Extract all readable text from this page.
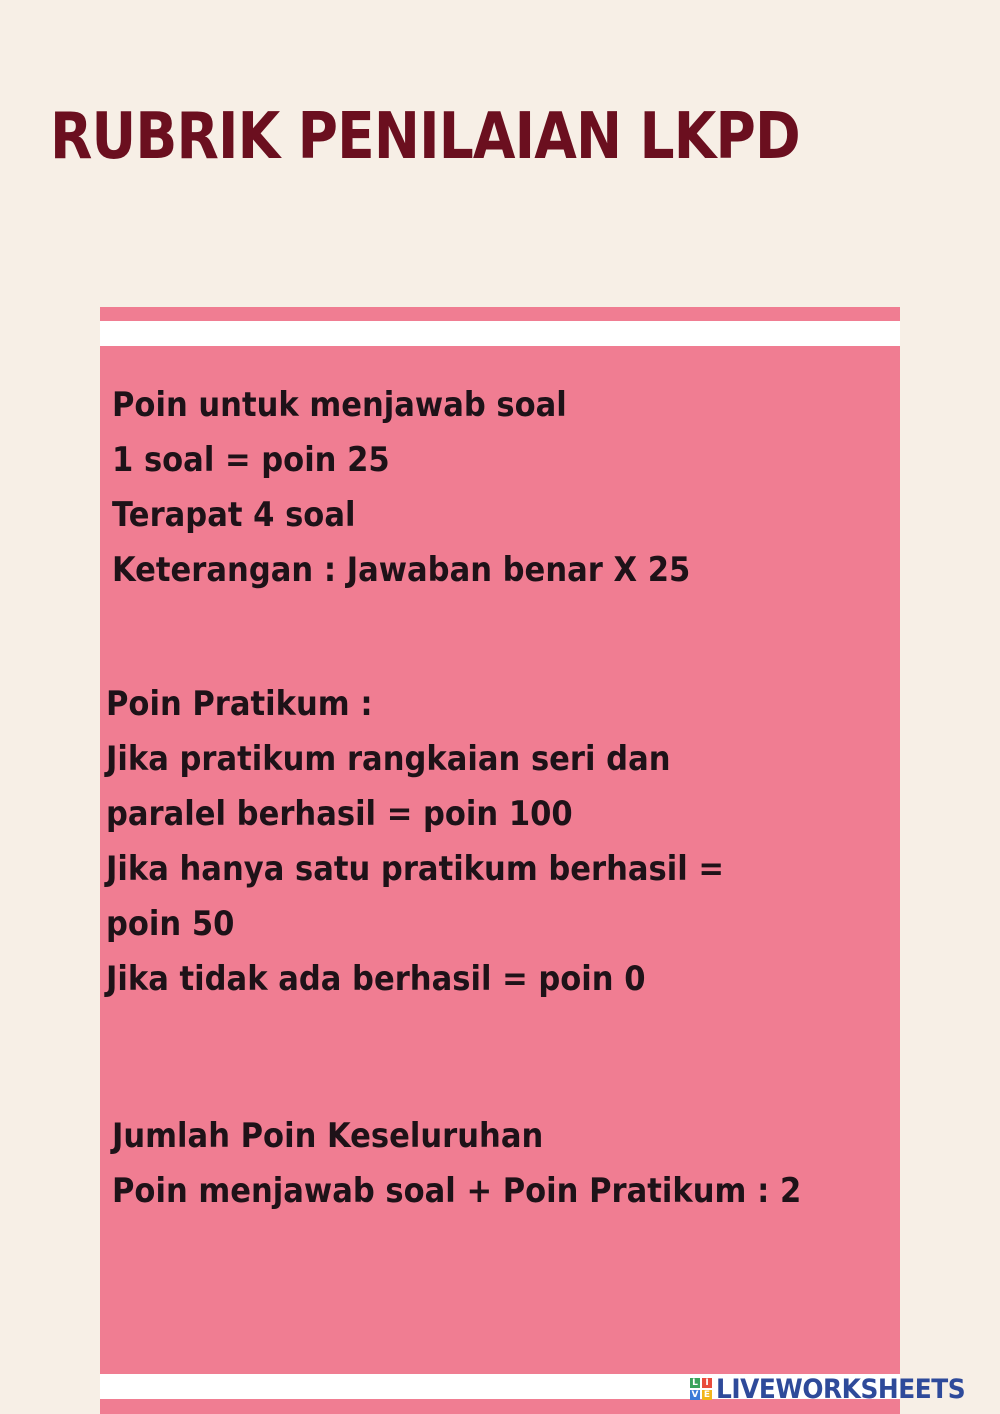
RUBRIK PENILAIAN LKPD
Poin untuk menjawab soal
1 soal = poin 25
Terapat 4 soal
Keterangan : Jawaban benar X 25
Poin Pratikum :
Jika pratikum rangkaian seri dan
paralel berhasil = poin 100
Jika hanya satu pratikum berhasil =
poin 50
Jika tidak ada berhasil = poin 0
Jumlah Poin Keseluruhan
Poin menjawab soal + Poin Pratikum : 2
L I
V E LIVEWORKSHEETS
